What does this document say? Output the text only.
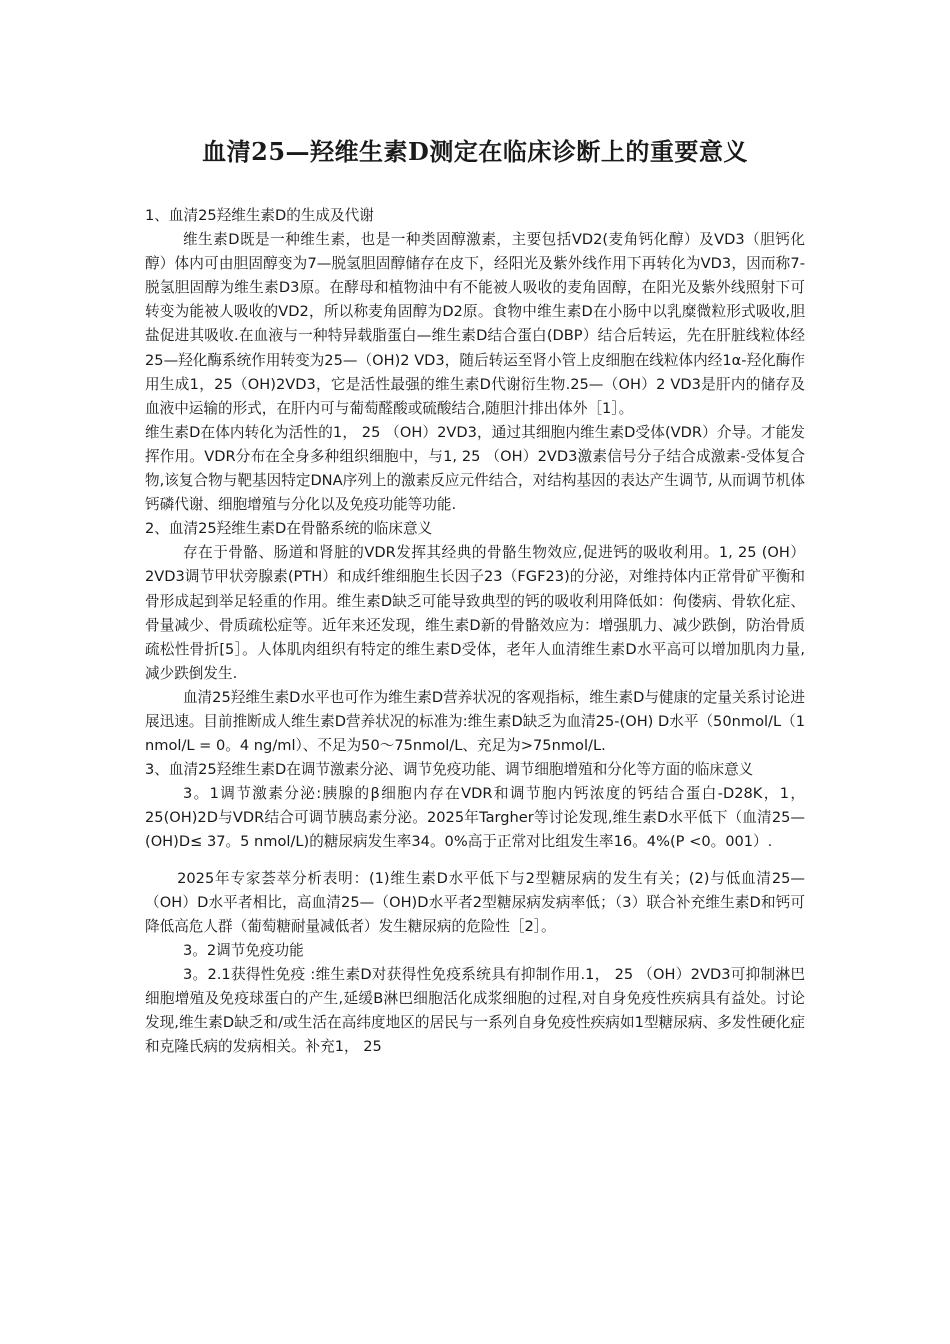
血清25—羟维生素D测定在临床诊断上的重要意义

1、血清25羟维生素D的生成及代谢

维生素D既是一种维生素，也是一种类固醇激素，主要包括VD2(麦角钙化醇）及VD3（胆钙化醇）体内可由胆固醇变为7—脱氢胆固醇储存在皮下，经阳光及紫外线作用下再转化为VD3，因而称7-脱氢胆固醇为维生素D3原。在酵母和植物油中有不能被人吸收的麦角固醇，在阳光及紫外线照射下可转变为能被人吸收的VD2，所以称麦角固醇为D2原。食物中维生素D在小肠中以乳糜微粒形式吸收,胆盐促进其吸收.在血液与一种特异载脂蛋白—维生素D结合蛋白(DBP）结合后转运，先在肝脏线粒体经25—羟化酶系统作用转变为25—（OH)2 VD3，随后转运至肾小管上皮细胞在线粒体内经1α-羟化酶作用生成1，25（OH)2VD3，它是活性最强的维生素D代谢衍生物.25—（OH）2 VD3是肝内的储存及血液中运输的形式，在肝内可与葡萄醛酸或硫酸结合,随胆汁排出体外［1］。

维生素D在体内转化为活性的1， 25 （OH）2VD3，通过其细胞内维生素D受体(VDR）介导。才能发挥作用。VDR分布在全身多种组织细胞中，与1, 25 （OH）2VD3激素信号分子结合成激素-受体复合物,该复合物与靶基因特定DNA序列上的激素反应元件结合，对结构基因的表达产生调节, 从而调节机体钙磷代谢、细胞增殖与分化以及免疫功能等功能.

2、血清25羟维生素D在骨骼系统的临床意义

存在于骨骼、肠道和肾脏的VDR发挥其经典的骨骼生物效应,促进钙的吸收利用。1, 25 (OH）2VD3调节甲状旁腺素(PTH）和成纤维细胞生长因子23（FGF23)的分泌，对维持体内正常骨矿平衡和骨形成起到举足轻重的作用。维生素D缺乏可能导致典型的钙的吸收利用降低如：佝偻病、骨软化症、骨量减少、骨质疏松症等。近年来还发现，维生素D新的骨骼效应为：增强肌力、减少跌倒，防治骨质疏松性骨折[5］。人体肌肉组织有特定的维生素D受体，老年人血清维生素D水平高可以增加肌肉力量,减少跌倒发生.

血清25羟维生素D水平也可作为维生素D营养状况的客观指标，维生素D与健康的定量关系讨论进展迅速。目前推断成人维生素D营养状况的标准为:维生素D缺乏为血清25-(OH) D水平（50nmol/L（1 nmol/L = 0。4 ng/ml）、不足为50～75nmol/L、充足为>75nmol/L.

3、血清25羟维生素D在调节激素分泌、调节免疫功能、调节细胞增殖和分化等方面的临床意义

3。1调节激素分泌:胰腺的β细胞内存在VDR和调节胞内钙浓度的钙结合蛋白-D28K，1，25(OH)2D与VDR结合可调节胰岛素分泌。2025年Targher等讨论发现,维生素D水平低下（血清25—(OH)D≤ 37。5 nmol/L)的糖尿病发生率34。0%高于正常对比组发生率16。4%(P <0。001）.

2025年专家荟萃分析表明：(1)维生素D水平低下与2型糖尿病的发生有关；(2)与低血清25—（OH）D水平者相比，高血清25—（OH)D水平者2型糖尿病发病率低；（3）联合补充维生素D和钙可降低高危人群（葡萄糖耐量减低者）发生糖尿病的危险性［2］。

3。2调节免疫功能

3。2.1获得性免疫 :维生素D对获得性免疫系统具有抑制作用.1， 25 （OH）2VD3可抑制淋巴细胞增殖及免疫球蛋白的产生,延缓B淋巴细胞活化成浆细胞的过程,对自身免疫性疾病具有益处。讨论发现,维生素D缺乏和/或生活在高纬度地区的居民与一系列自身免疫性疾病如1型糖尿病、多发性硬化症和克隆氏病的发病相关。补充1， 25
